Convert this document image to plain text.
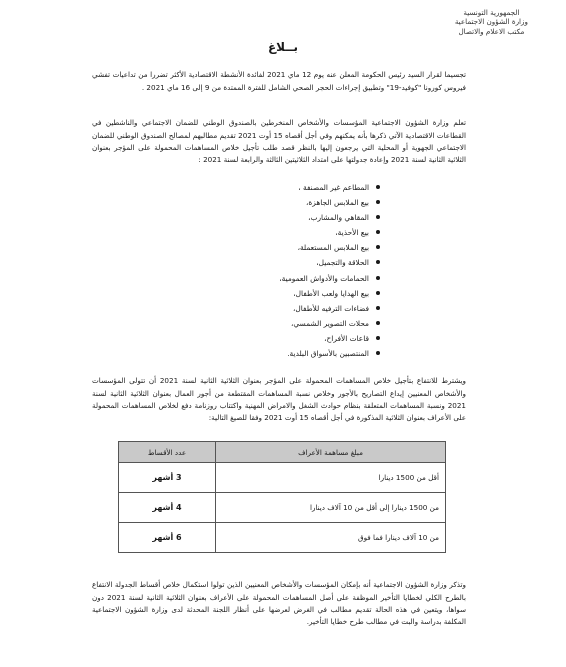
الجمهورية التونسية
وزارة الشؤون الاجتماعية
مكتب الاعلام والاتصال
بــلاغ

تجسيما لقرار السيد رئيس الحكومة المعلن عنه يوم 12 ماي 2021 لفائدة الأنشطة الاقتصادية الأكثر تضررا من تداعيات تفشي فيروس كورونا "كوفيد-19" وتطبيق إجراءات الحجر الصحي الشامل للفترة الممتدة من 9 إلى 16 ماي 2021 .

تعلم وزارة الشؤون الاجتماعية المؤسسات والأشخاص المنخرطين بالصندوق الوطني للضمان الاجتماعي والناشطين في القطاعات الاقتصادية الآتي ذكرها بأنه يمكنهم وفي أجل أقصاه 15 أوت 2021 تقديم مطالبهم لمصالح الصندوق الوطني للضمان الاجتماعي الجهوية أو المحلية التي يرجعون إليها بالنظر قصد طلب تأجيل خلاص المساهمات المحمولة على المؤجر بعنوان الثلاثية الثانية لسنة 2021 وإعادة جدولتها على امتداد الثلاثيتين الثالثة والرابعة لسنة 2021 :

المطاعم غير المصنفة ،
بيع الملابس الجاهزة،
المقاهي والمشارب،
بيع الأحذية،
بيع الملابس المستعملة،
الحلاقة والتجميل،
الحمامات والأدواش العمومية،
بيع الهدايا ولعب الأطفال،
فضاءات الترفيه للأطفال،
محلات التصوير الشمسي،
قاعات الأفراح،
المنتصبين بالأسواق البلدية.

ويشترط للانتفاع بتأجيل خلاص المساهمات المحمولة على المؤجر بعنوان الثلاثية الثانية لسنة 2021 أن تتولى المؤسسات والأشخاص المعنيين إيداع التصاريح بالأجور وخلاص نسبة المساهمات المقتطعة من أجور العمال بعنوان الثلاثية الثانية لسنة 2021 ونسبة المساهمات المتعلقة بنظام حوادث الشغل والامراض المهنية واكتتاب روزنامة دفع لخلاص المساهمات المحمولة على الأعراف بعنوان الثلاثية المذكورة في أجل أقصاه 15 أوت 2021 وفقا للصيغ التالية:

مبلغ مساهمة الأعراف	عدد الأقساط
أقل من 1500 دينارا	3 أشهر
من 1500 دينارا إلى أقل من 10 آلاف دينارا	4 أشهر
من 10 آلاف دينارا فما فوق	6 أشهر

وتذكر وزارة الشؤون الاجتماعية أنه بإمكان المؤسسات والأشخاص المعنيين الذين تولوا استكمال خلاص أقساط الجدولة الانتفاع بالطرح الكلي لخطايا التأخير الموظفة على أصل المساهمات المحمولة على الأعراف بعنوان الثلاثية الثانية لسنة 2021 دون سواها، ويتعين في هذه الحالة تقديم مطالب في الغرض لعرضها على أنظار اللجنة المحدثة لدى وزارة الشؤون الاجتماعية المكلفة بدراسة والبت في مطالب طرح خطايا التأخير.
